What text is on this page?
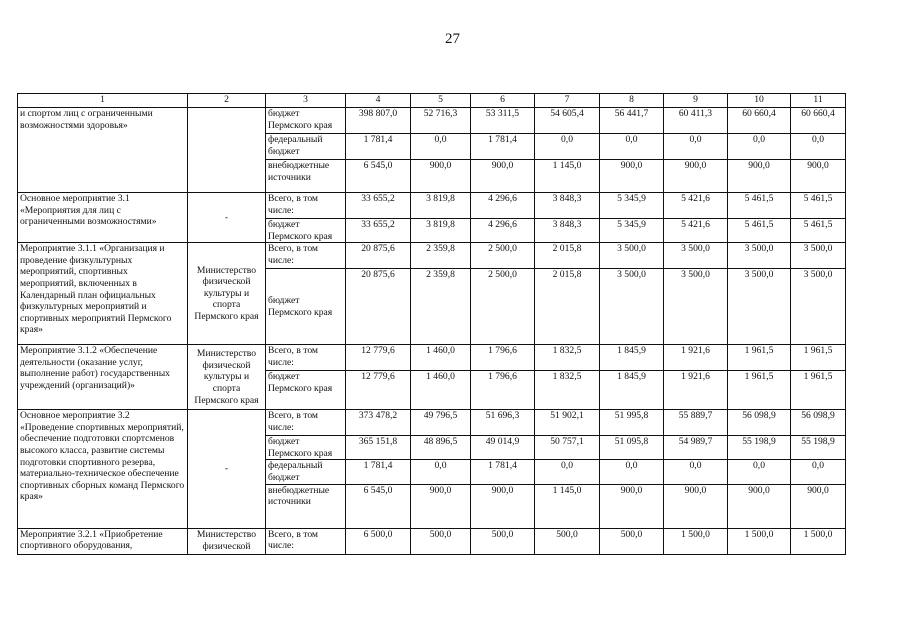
27
1	2	3	4	5	6	7	8	9	10	11
и спортом лиц с ограниченными возможностями здоровья»		бюджет Пермского края	398 807,0	52 716,3	53 311,5	54 605,4	56 441,7	60 411,3	60 660,4	60 660,4
		федеральный бюджет	1 781,4	0,0	1 781,4	0,0	0,0	0,0	0,0	0,0
		внебюджетные источники	6 545,0	900,0	900,0	1 145,0	900,0	900,0	900,0	900,0
Основное мероприятие 3.1 «Мероприятия для лиц с ограниченными возможностями»	-	Всего, в том числе:	33 655,2	3 819,8	4 296,6	3 848,3	5 345,9	5 421,6	5 461,5	5 461,5
		бюджет Пермского края	33 655,2	3 819,8	4 296,6	3 848,3	5 345,9	5 421,6	5 461,5	5 461,5
Мероприятие 3.1.1 «Организация и проведение физкультурных мероприятий, спортивных мероприятий, включенных в Календарный план официальных физкультурных мероприятий и спортивных мероприятий Пермского края»	Министерство физической культуры и спорта Пермского края	Всего, в том числе:	20 875,6	2 359,8	2 500,0	2 015,8	3 500,0	3 500,0	3 500,0	3 500,0
		бюджет Пермского края	20 875,6	2 359,8	2 500,0	2 015,8	3 500,0	3 500,0	3 500,0	3 500,0
Мероприятие 3.1.2 «Обеспечение деятельности (оказание услуг, выполнение работ) государственных учреждений (организаций)»	Министерство физической культуры и спорта Пермского края	Всего, в том числе:	12 779,6	1 460,0	1 796,6	1 832,5	1 845,9	1 921,6	1 961,5	1 961,5
		бюджет Пермского края	12 779,6	1 460,0	1 796,6	1 832,5	1 845,9	1 921,6	1 961,5	1 961,5
Основное мероприятие 3.2 «Проведение спортивных мероприятий, обеспечение подготовки спортсменов высокого класса, развитие системы подготовки спортивного резерва, материально-техническое обеспечение спортивных сборных команд Пермского края»	-	Всего, в том числе:	373 478,2	49 796,5	51 696,3	51 902,1	51 995,8	55 889,7	56 098,9	56 098,9
		бюджет Пермского края	365 151,8	48 896,5	49 014,9	50 757,1	51 095,8	54 989,7	55 198,9	55 198,9
		федеральный бюджет	1 781,4	0,0	1 781,4	0,0	0,0	0,0	0,0	0,0
		внебюджетные источники	6 545,0	900,0	900,0	1 145,0	900,0	900,0	900,0	900,0
Мероприятие 3.2.1 «Приобретение спортивного оборудования,	Министерство физической	Всего, в том числе:	6 500,0	500,0	500,0	500,0	500,0	1 500,0	1 500,0	1 500,0
